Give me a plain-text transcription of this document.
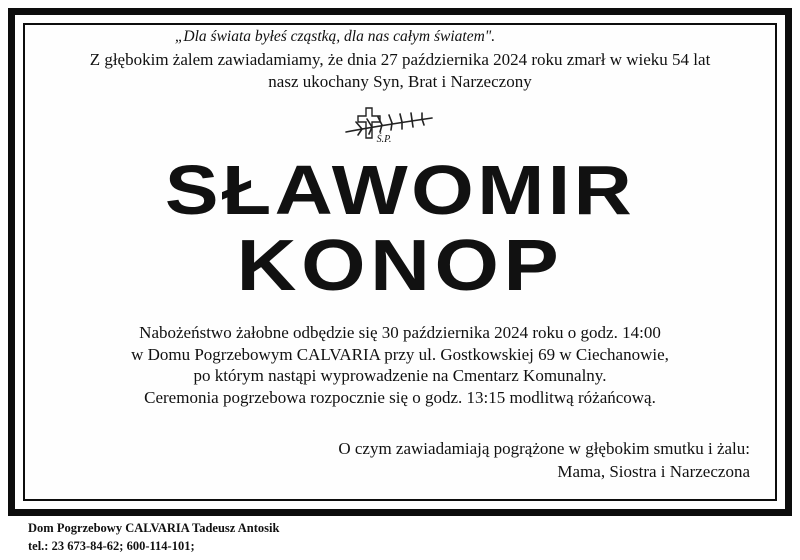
„Dla świata byłeś cząstką, dla nas całym światem".
Z głębokim żalem zawiadamiamy, że dnia 27 października 2024 roku zmarł w wieku 54 lat
nasz ukochany Syn, Brat i Narzeczony
Ś.P.
SŁAWOMIR
KONOP
Nabożeństwo żałobne odbędzie się 30 października 2024 roku o godz. 14:00
w Domu Pogrzebowym CALVARIA przy ul. Gostkowskiej 69 w Ciechanowie,
po którym nastąpi wyprowadzenie na Cmentarz Komunalny.
Ceremonia pogrzebowa rozpocznie się o godz. 13:15 modlitwą różańcową.
O czym zawiadamiają pogrążone w głębokim smutku i żalu:
Mama, Siostra i Narzeczona
Dom Pogrzebowy CALVARIA Tadeusz Antosik
tel.: 23 673-84-62; 600-114-101;
